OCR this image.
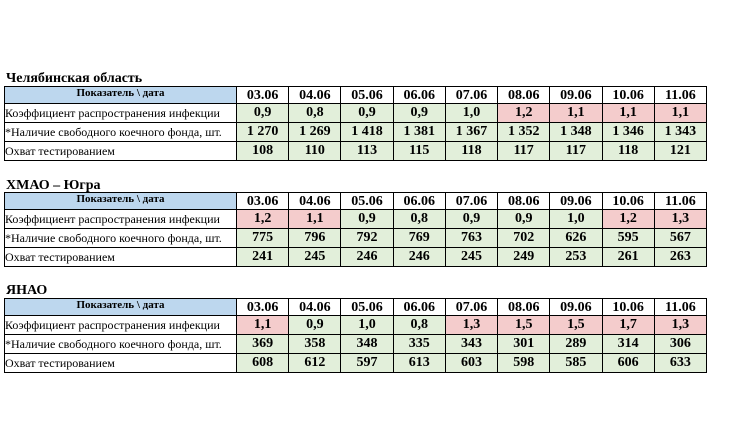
Челябинская область
Показатель \ дата	03.06	04.06	05.06	06.06	07.06	08.06	09.06	10.06	11.06
Коэффициент распространения инфекции	0,9	0,8	0,9	0,9	1,0	1,2	1,1	1,1	1,1
*Наличие свободного коечного фонда, шт.	1 270	1 269	1 418	1 381	1 367	1 352	1 348	1 346	1 343
Охват тестированием	108	110	113	115	118	117	117	118	121
ХМАО – Югра
Показатель \ дата	03.06	04.06	05.06	06.06	07.06	08.06	09.06	10.06	11.06
Коэффициент распространения инфекции	1,2	1,1	0,9	0,8	0,9	0,9	1,0	1,2	1,3
*Наличие свободного коечного фонда, шт.	775	796	792	769	763	702	626	595	567
Охват тестированием	241	245	246	246	245	249	253	261	263
ЯНАО
Показатель \ дата	03.06	04.06	05.06	06.06	07.06	08.06	09.06	10.06	11.06
Коэффициент распространения инфекции	1,1	0,9	1,0	0,8	1,3	1,5	1,5	1,7	1,3
*Наличие свободного коечного фонда, шт.	369	358	348	335	343	301	289	314	306
Охват тестированием	608	612	597	613	603	598	585	606	633
